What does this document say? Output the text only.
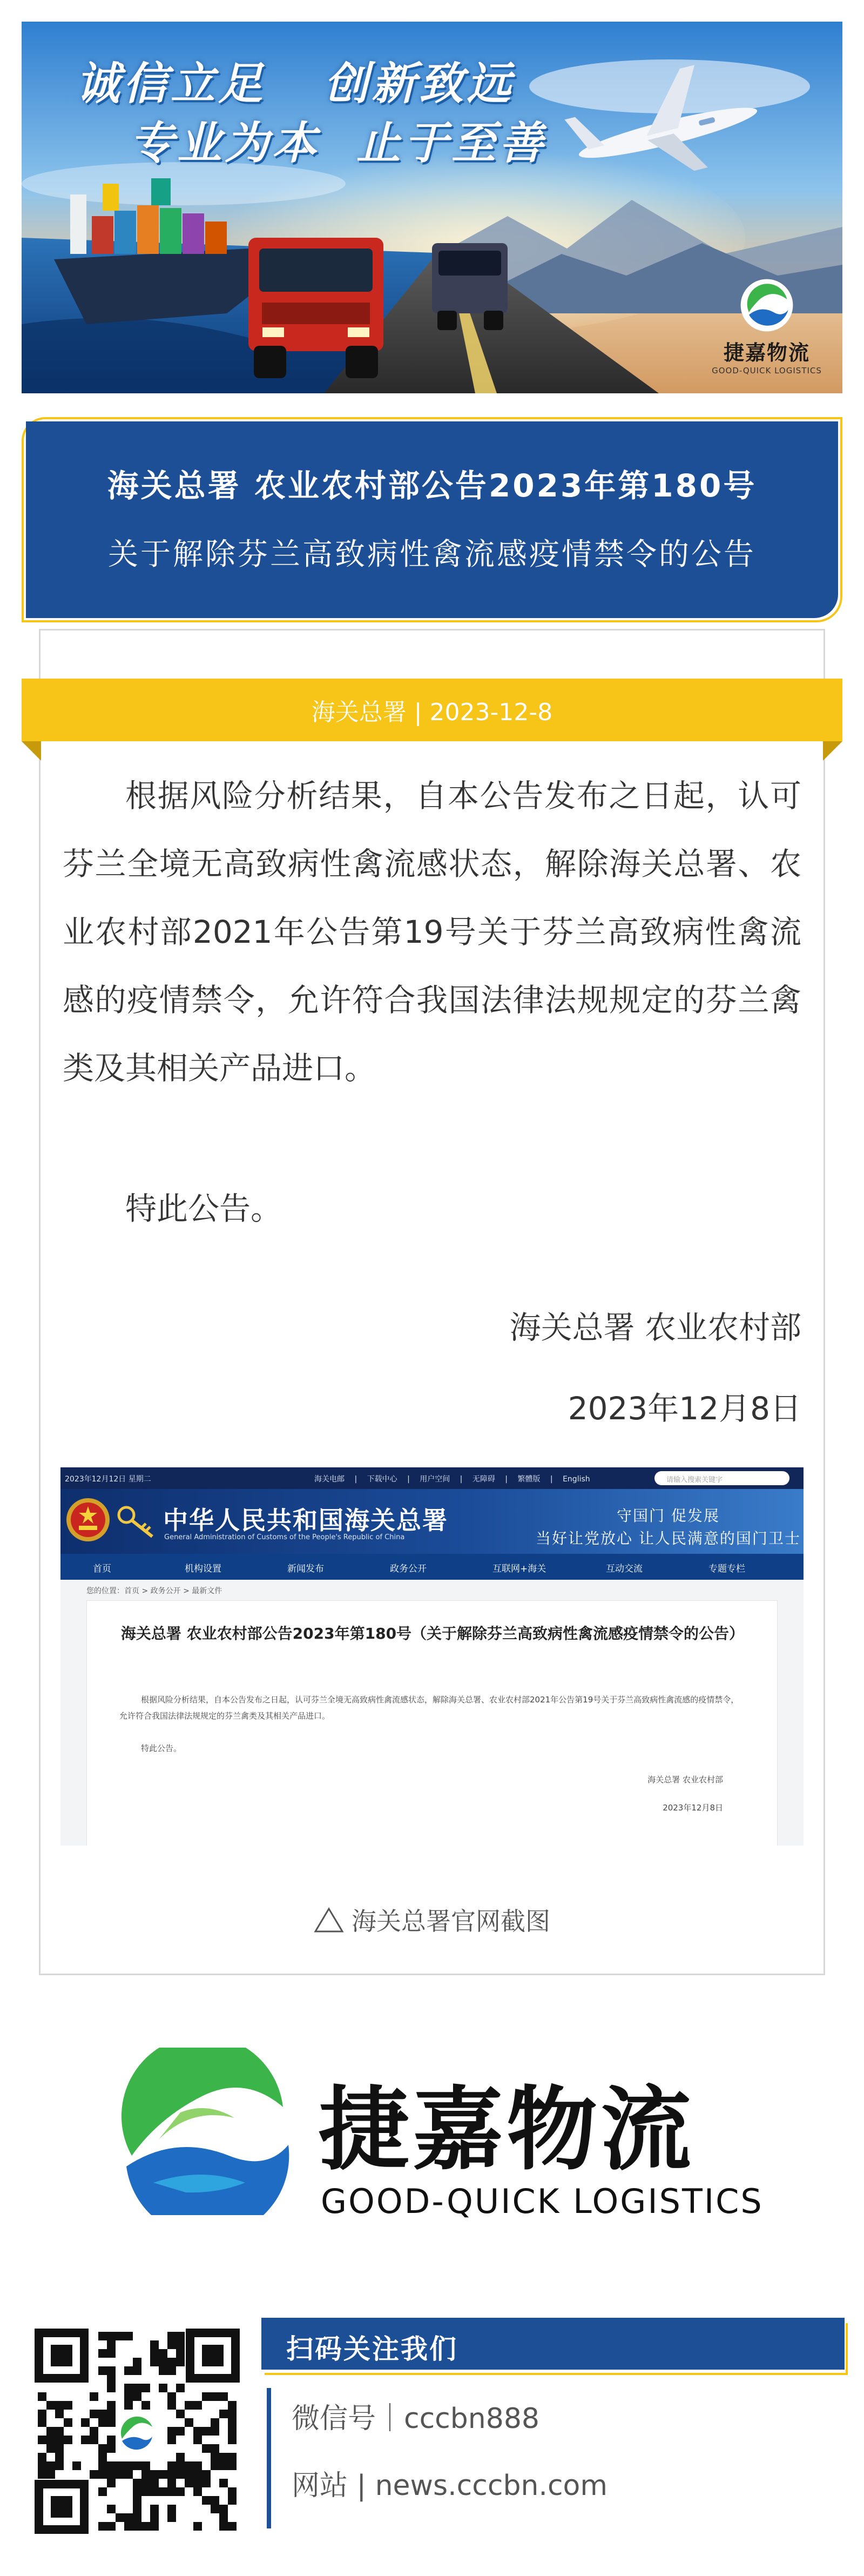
诚信立足 创新致远
专业为本 止于至善
捷嘉物流
GOOD-QUICK LOGISTICS
海关总署 农业农村部公告2023年第180号
关于解除芬兰高致病性禽流感疫情禁令的公告
海关总署 | 2023-12-8

根据风险分析结果，自本公告发布之日起，认可芬兰全境无高致病性禽流感状态，解除海关总署、农业农村部2021年公告第19号关于芬兰高致病性禽流感的疫情禁令，允许符合我国法律法规规定的芬兰禽类及其相关产品进口。

特此公告。

海关总署 农业农村部

2023年12月8日

2023年12月12日 星期二	海关电邮 | 下载中心 | 用户空间 | 无障碍 | 繁體版 | English	请输入搜索关键字
中华人民共和国海关总署
General Administration of Customs of the People's Republic of China
守国门 促发展
当好让党放心 让人民满意的国门卫士
首页	机构设置	新闻发布	政务公开	互联网+海关	互动交流	专题专栏
您的位置：首页 > 政务公开 > 最新文件
海关总署 农业农村部公告2023年第180号（关于解除芬兰高致病性禽流感疫情禁令的公告）
根据风险分析结果，自本公告发布之日起，认可芬兰全境无高致病性禽流感状态，解除海关总署、农业农村部2021年公告第19号关于芬兰高致病性禽流感的疫情禁令，允许符合我国法律法规规定的芬兰禽类及其相关产品进口。
特此公告。
海关总署 农业农村部
2023年12月8日
海关总署官网截图
捷嘉物流
GOOD-QUICK LOGISTICS
扫码关注我们
微信号｜cccbn888
网站 | news.cccbn.com
